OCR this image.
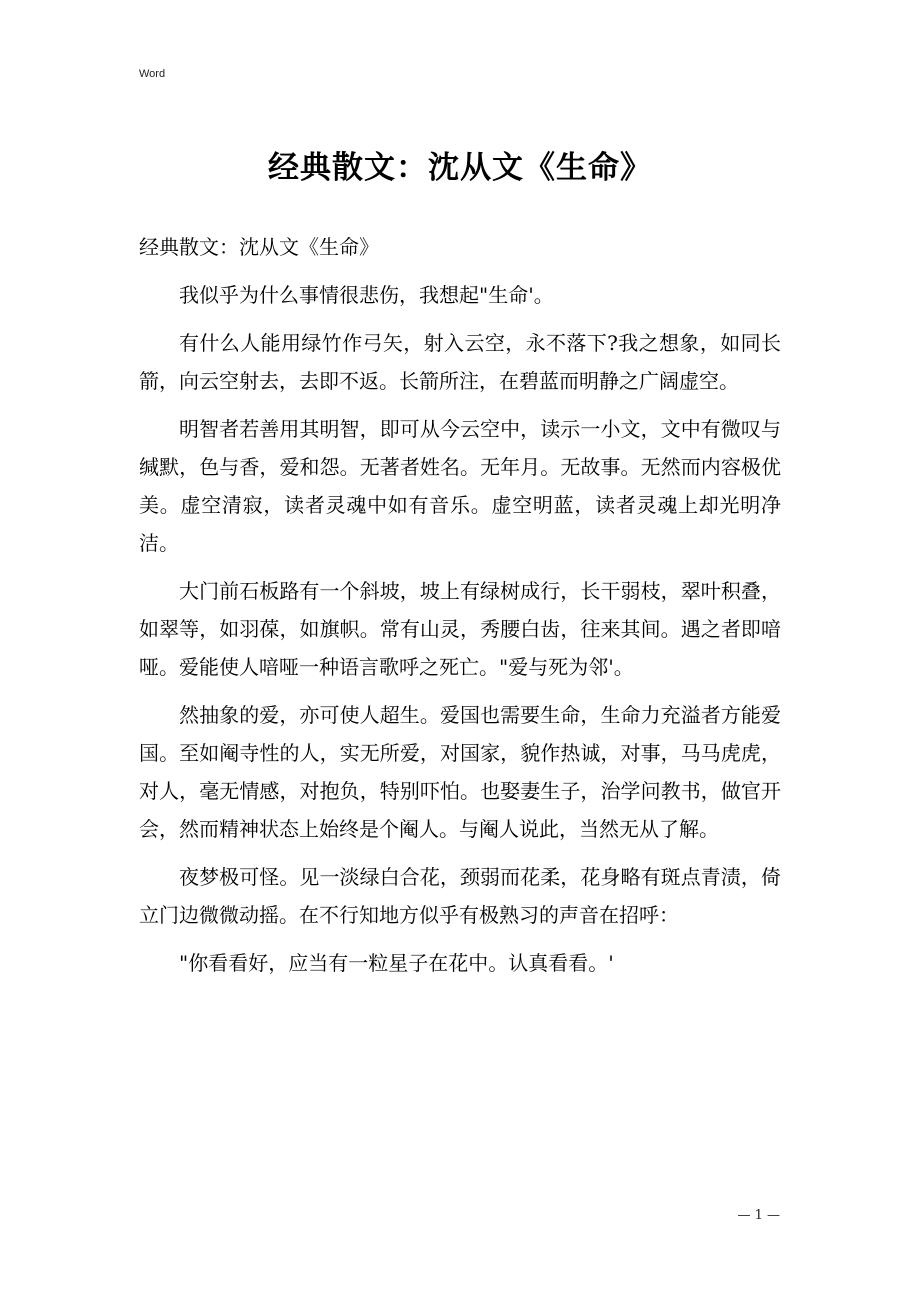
Word
经典散文：沈从文《生命》

经典散文：沈从文《生命》

我似乎为什么事情很悲伤，我想起"生命'。

有什么人能用绿竹作弓矢，射入云空，永不落下?我之想象，如同长箭，向云空射去，去即不返。长箭所注，在碧蓝而明静之广阔虚空。

明智者若善用其明智，即可从今云空中，读示一小文，文中有微叹与缄默，色与香，爱和怨。无著者姓名。无年月。无故事。无然而内容极优美。虚空清寂，读者灵魂中如有音乐。虚空明蓝，读者灵魂上却光明净洁。

大门前石板路有一个斜坡，坡上有绿树成行，长干弱枝，翠叶积叠，如翠等，如羽葆，如旗帜。常有山灵，秀腰白齿，往来其间。遇之者即喑哑。爱能使人喑哑一种语言歌呼之死亡。"爱与死为邻'。

然抽象的爱，亦可使人超生。爱国也需要生命，生命力充溢者方能爱国。至如阉寺性的人，实无所爱，对国家，貌作热诚，对事，马马虎虎，对人，毫无情感，对抱负，特别吓怕。也娶妻生子，治学问教书，做官开会，然而精神状态上始终是个阉人。与阉人说此，当然无从了解。

夜梦极可怪。见一淡绿白合花，颈弱而花柔，花身略有斑点青渍，倚立门边微微动摇。在不行知地方似乎有极熟习的声音在招呼：

"你看看好，应当有一粒星子在花中。认真看看。'

— 1 —
